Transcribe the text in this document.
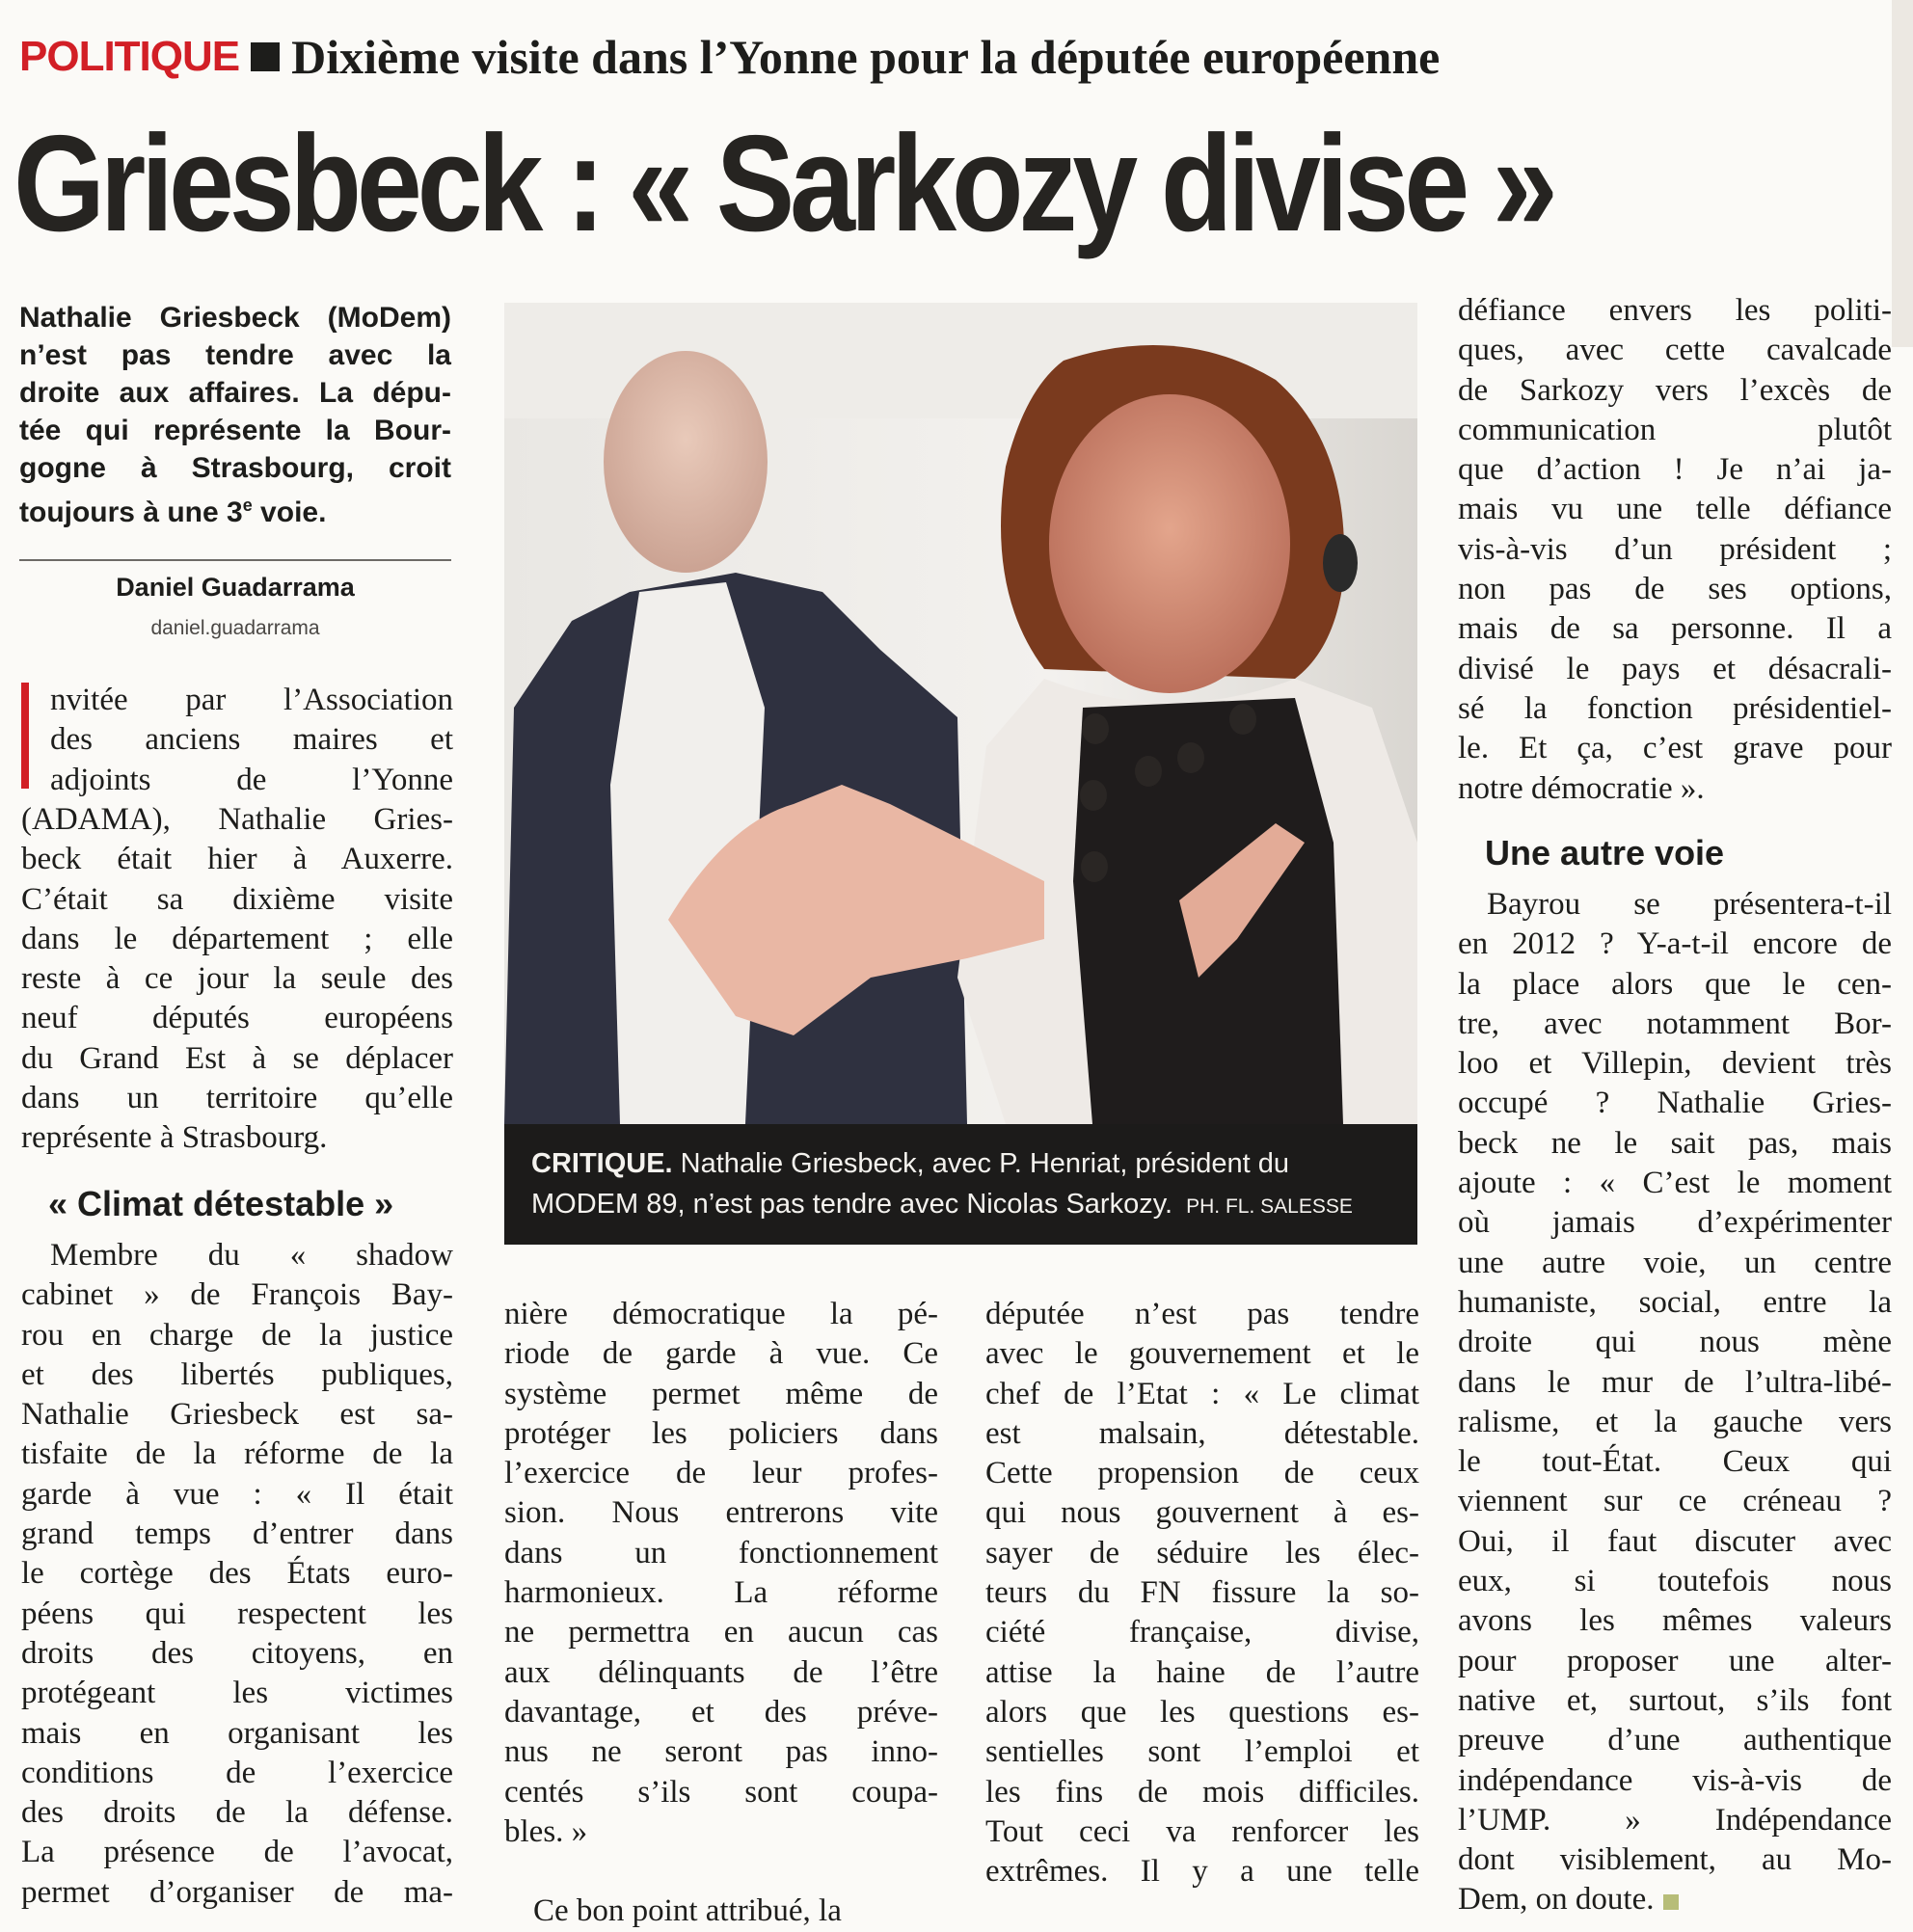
POLITIQUE Dixième visite dans l’Yonne pour la députée européenne
Griesbeck : « Sarkozy divise »
Nathalie Griesbeck (MoDem)
n’est pas tendre avec la
droite aux affaires. La dépu-
tée qui représente la Bour-
gogne à Strasbourg, croit
toujours à une 3e voie.
Daniel Guadarrama
daniel.guadarrama
nvitée par l’Association
des anciens maires et
adjoints de l’Yonne
(ADAMA), Nathalie Gries-
beck était hier à Auxerre.
C’était sa dixième visite
dans le département ; elle
reste à ce jour la seule des
neuf députés européens
du Grand Est à se déplacer
dans un territoire qu’elle
représente à Strasbourg.
« Climat détestable »
Membre du « shadow
cabinet » de François Bay-
rou en charge de la justice
et des libertés publiques,
Nathalie Griesbeck est sa-
tisfaite de la réforme de la
garde à vue : « Il était
grand temps d’entrer dans
le cortège des États euro-
péens qui respectent les
droits des citoyens, en
protégeant les victimes
mais en organisant les
conditions de l’exercice
des droits de la défense.
La présence de l’avocat,
permet d’organiser de ma-
CRITIQUE. Nathalie Griesbeck, avec P. Henriat, président du
MODEM 89, n’est pas tendre avec Nicolas Sarkozy. PH. FL. SALESSE
nière démocratique la pé-
riode de garde à vue. Ce
système permet même de
protéger les policiers dans
l’exercice de leur profes-
sion. Nous entrerons vite
dans un fonctionnement
harmonieux. La réforme
ne permettra en aucun cas
aux délinquants de l’être
davantage, et des préve-
nus ne seront pas inno-
centés s’ils sont coupa-
bles. »
Ce bon point attribué, la
députée n’est pas tendre
avec le gouvernement et le
chef de l’Etat : « Le climat
est malsain, détestable.
Cette propension de ceux
qui nous gouvernent à es-
sayer de séduire les élec-
teurs du FN fissure la so-
ciété française, divise,
attise la haine de l’autre
alors que les questions es-
sentielles sont l’emploi et
les fins de mois difficiles.
Tout ceci va renforcer les
extrêmes. Il y a une telle
défiance envers les politi-
ques, avec cette cavalcade
de Sarkozy vers l’excès de
communication plutôt
que d’action ! Je n’ai ja-
mais vu une telle défiance
vis-à-vis d’un président ;
non pas de ses options,
mais de sa personne. Il a
divisé le pays et désacrali-
sé la fonction présidentiel-
le. Et ça, c’est grave pour
notre démocratie ».
Une autre voie
Bayrou se présentera-t-il
en 2012 ? Y-a-t-il encore de
la place alors que le cen-
tre, avec notamment Bor-
loo et Villepin, devient très
occupé ? Nathalie Gries-
beck ne le sait pas, mais
ajoute : « C’est le moment
où jamais d’expérimenter
une autre voie, un centre
humaniste, social, entre la
droite qui nous mène
dans le mur de l’ultra-libé-
ralisme, et la gauche vers
le tout-État. Ceux qui
viennent sur ce créneau ?
Oui, il faut discuter avec
eux, si toutefois nous
avons les mêmes valeurs
pour proposer une alter-
native et, surtout, s’ils font
preuve d’une authentique
indépendance vis-à-vis de
l’UMP. » Indépendance
dont visiblement, au Mo-
Dem, on doute.
